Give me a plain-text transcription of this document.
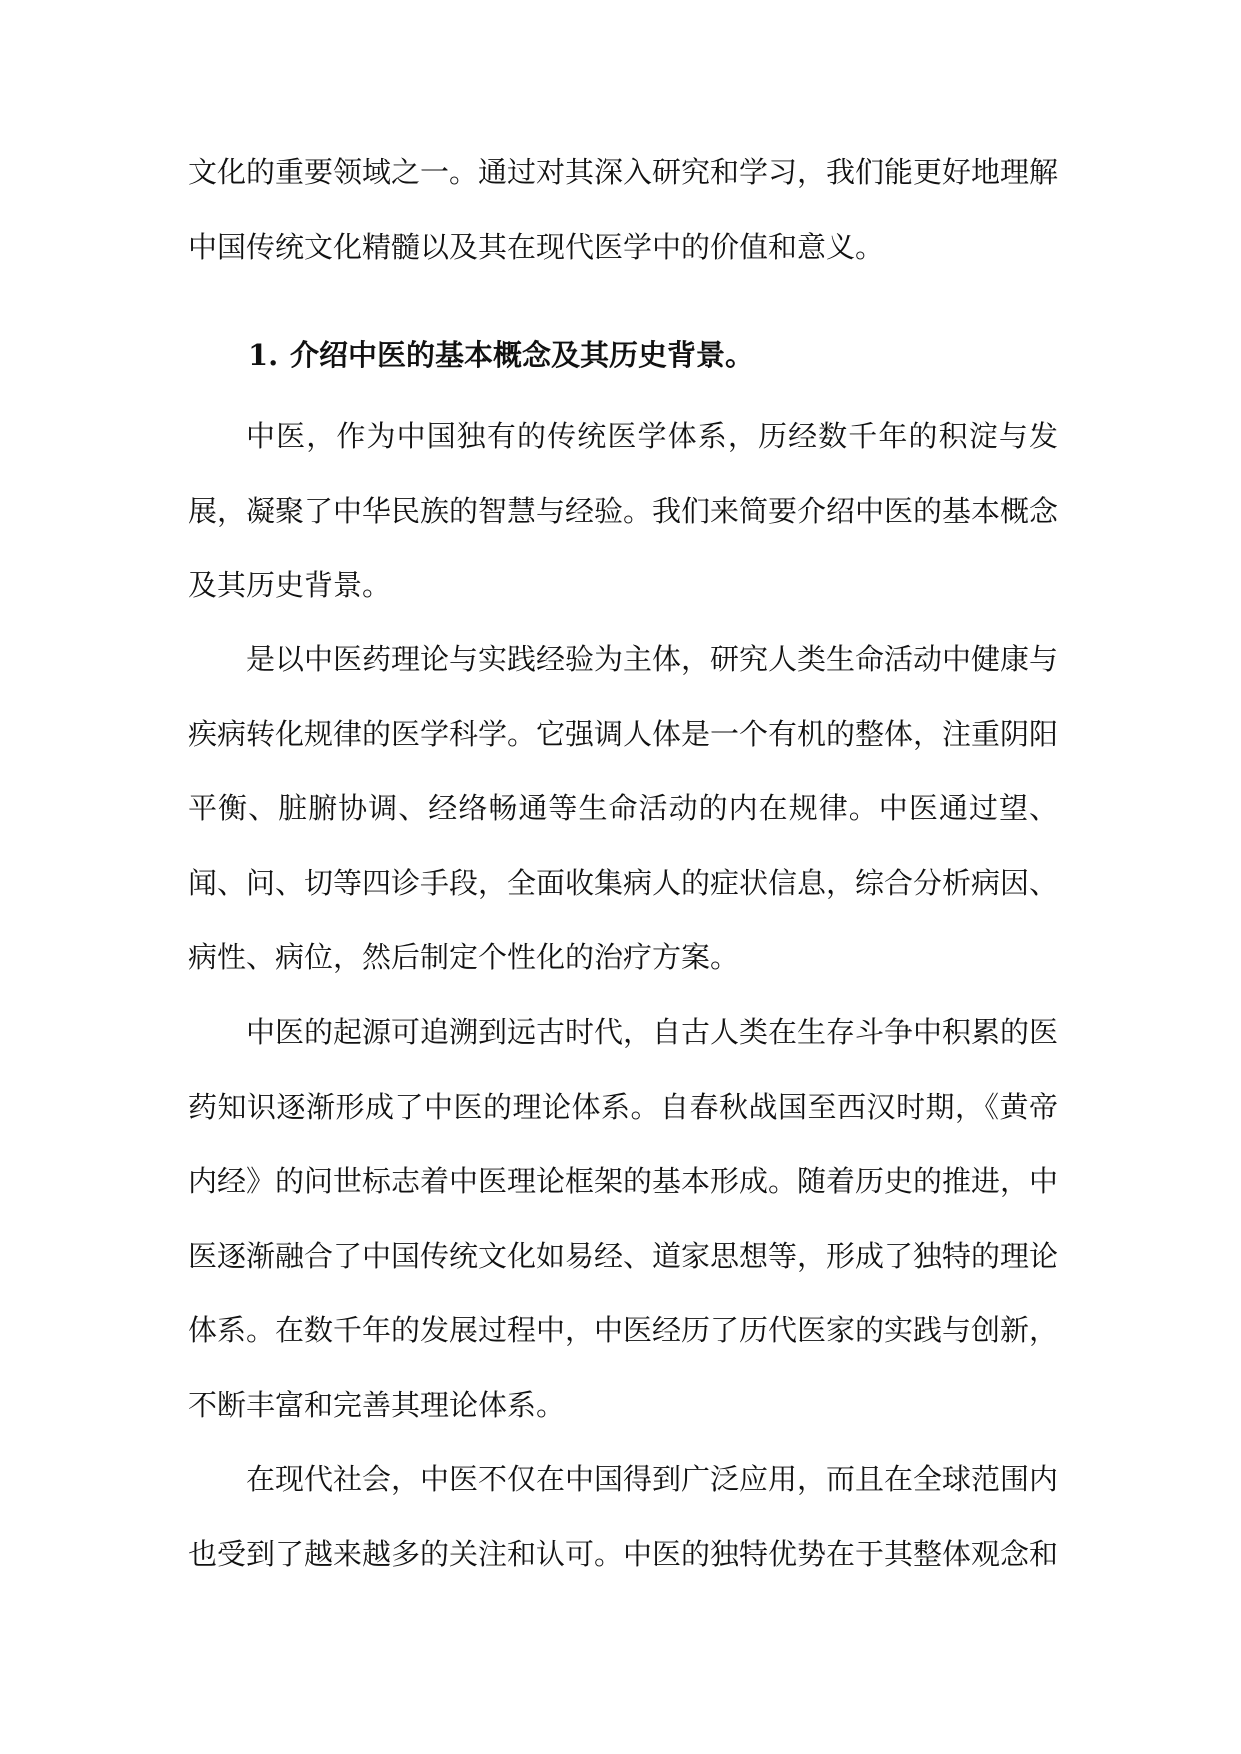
文化的重要领域之一。通过对其深入研究和学习，我们能更好地理解中国传统文化精髓以及其在现代医学中的价值和意义。

1. 介绍中医的基本概念及其历史背景。

中医，作为中国独有的传统医学体系，历经数千年的积淀与发展，凝聚了中华民族的智慧与经验。我们来简要介绍中医的基本概念及其历史背景。

是以中医药理论与实践经验为主体，研究人类生命活动中健康与疾病转化规律的医学科学。它强调人体是一个有机的整体，注重阴阳平衡、脏腑协调、经络畅通等生命活动的内在规律。中医通过望、闻、问、切等四诊手段，全面收集病人的症状信息，综合分析病因、病性、病位，然后制定个性化的治疗方案。

中医的起源可追溯到远古时代，自古人类在生存斗争中积累的医药知识逐渐形成了中医的理论体系。自春秋战国至西汉时期，《黄帝内经》的问世标志着中医理论框架的基本形成。随着历史的推进，中医逐渐融合了中国传统文化如易经、道家思想等，形成了独特的理论体系。在数千年的发展过程中，中医经历了历代医家的实践与创新，不断丰富和完善其理论体系。

在现代社会，中医不仅在中国得到广泛应用，而且在全球范围内也受到了越来越多的关注和认可。中医的独特优势在于其整体观念和
